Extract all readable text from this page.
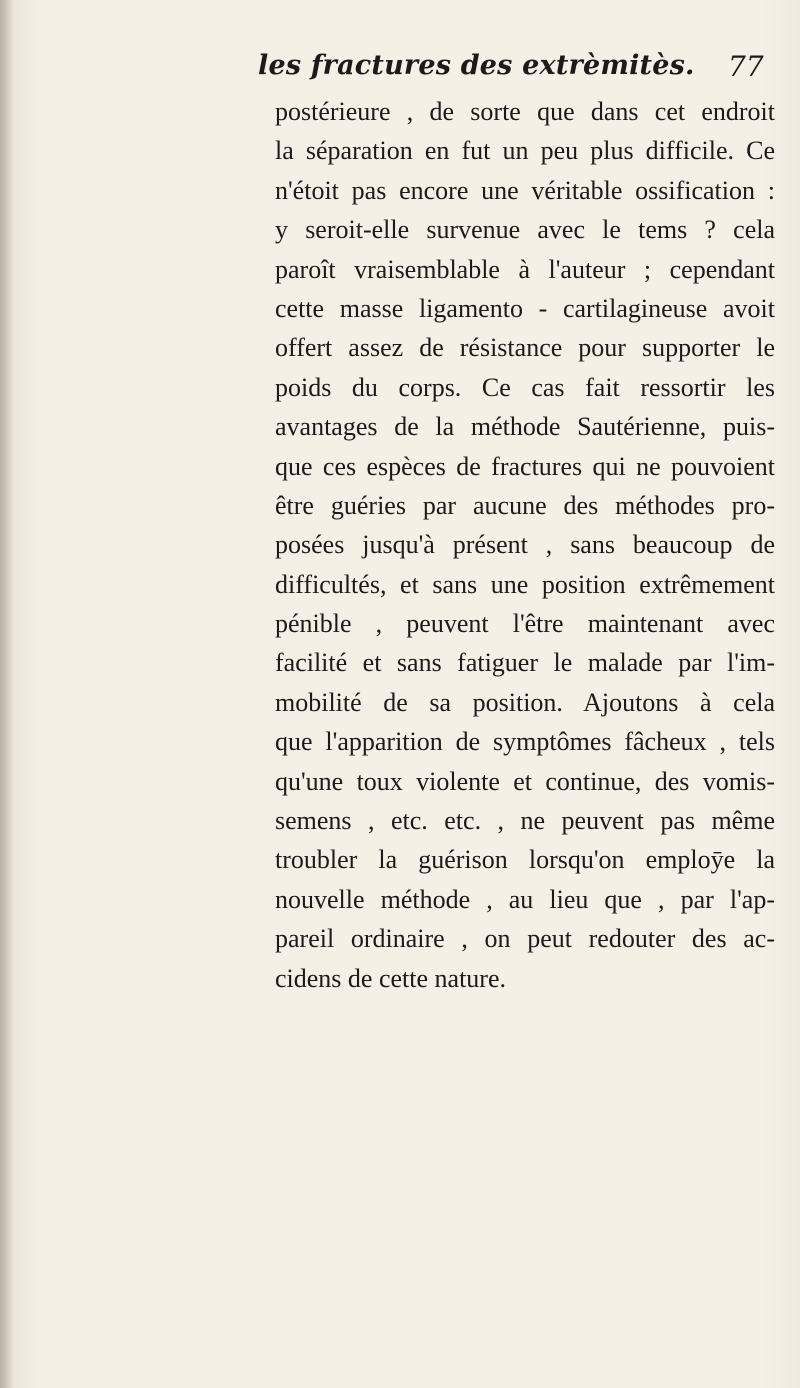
les fractures des extrèmitès. 77
postérieure , de sorte que dans cet endroit
la séparation en fut un peu plus difficile. Ce
n'étoit pas encore une véritable ossification :
y seroit-elle survenue avec le tems ? cela
paroît vraisemblable à l'auteur ; cependant
cette masse ligamento - cartilagineuse avoit
offert assez de résistance pour supporter le
poids du corps. Ce cas fait ressortir les
avantages de la méthode Sautérienne, puis-
que ces espèces de fractures qui ne pouvoient
être guéries par aucune des méthodes pro-
posées jusqu'à présent , sans beaucoup de
difficultés, et sans une position extrêmement
pénible , peuvent l'être maintenant avec
facilité et sans fatiguer le malade par l'im-
mobilité de sa position. Ajoutons à cela
que l'apparition de symptômes fâcheux , tels
qu'une toux violente et continue, des vomis-
semens , etc. etc. , ne peuvent pas même
troubler la guérison lorsqu'on emploȳe la
nouvelle méthode , au lieu que , par l'ap-
pareil ordinaire , on peut redouter des ac-
cidens de cette nature.
